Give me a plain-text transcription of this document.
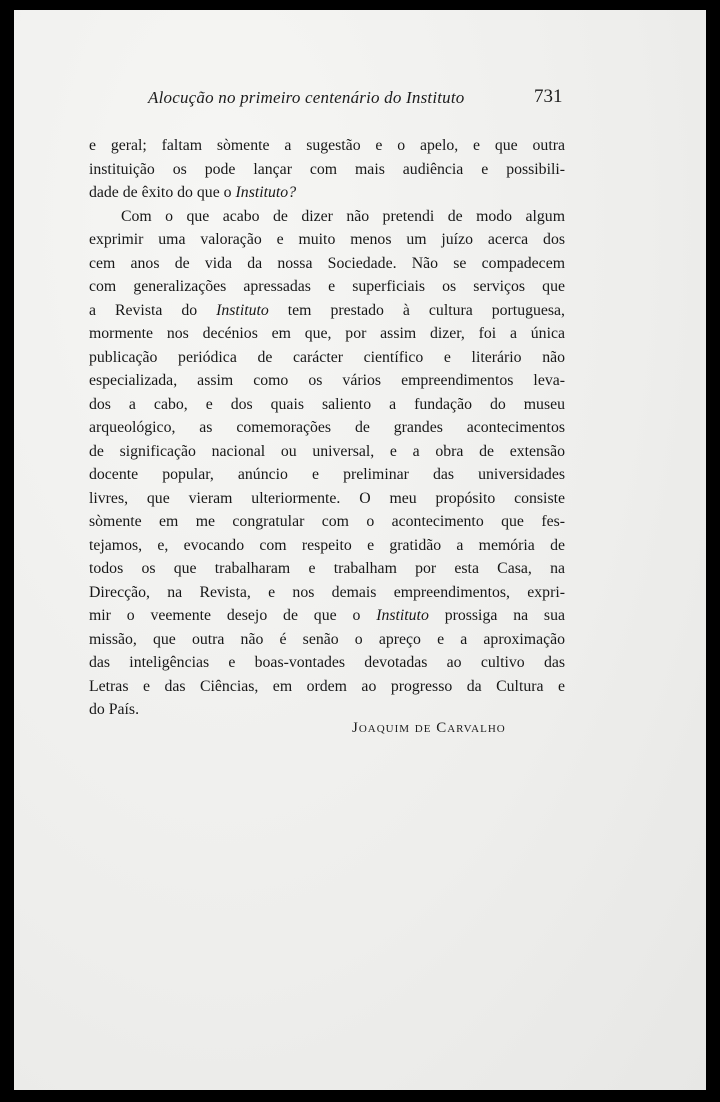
Alocução no primeiro centenário do Instituto	731
e geral; faltam sòmente a sugestão e o apelo, e que outra
instituição os pode lançar com mais audiência e possibili-
dade de êxito do que o Instituto?
Com o que acabo de dizer não pretendi de modo algum
exprimir uma valoração e muito menos um juízo acerca dos
cem anos de vida da nossa Sociedade. Não se compadecem
com generalizações apressadas e superficiais os serviços que
a Revista do Instituto tem prestado à cultura portuguesa,
mormente nos decénios em que, por assim dizer, foi a única
publicação periódica de carácter científico e literário não
especializada, assim como os vários empreendimentos leva-
dos a cabo, e dos quais saliento a fundação do museu
arqueológico, as comemorações de grandes acontecimentos
de significação nacional ou universal, e a obra de extensão
docente popular, anúncio e preliminar das universidades
livres, que vieram ulteriormente. O meu propósito consiste
sòmente em me congratular com o acontecimento que fes-
tejamos, e, evocando com respeito e gratidão a memória de
todos os que trabalharam e trabalham por esta Casa, na
Direcção, na Revista, e nos demais empreendimentos, expri-
mir o veemente desejo de que o Instituto prossiga na sua
missão, que outra não é senão o apreço e a aproximação
das inteligências e boas-vontades devotadas ao cultivo das
Letras e das Ciências, em ordem ao progresso da Cultura e
do País.
Joaquim de Carvalho
